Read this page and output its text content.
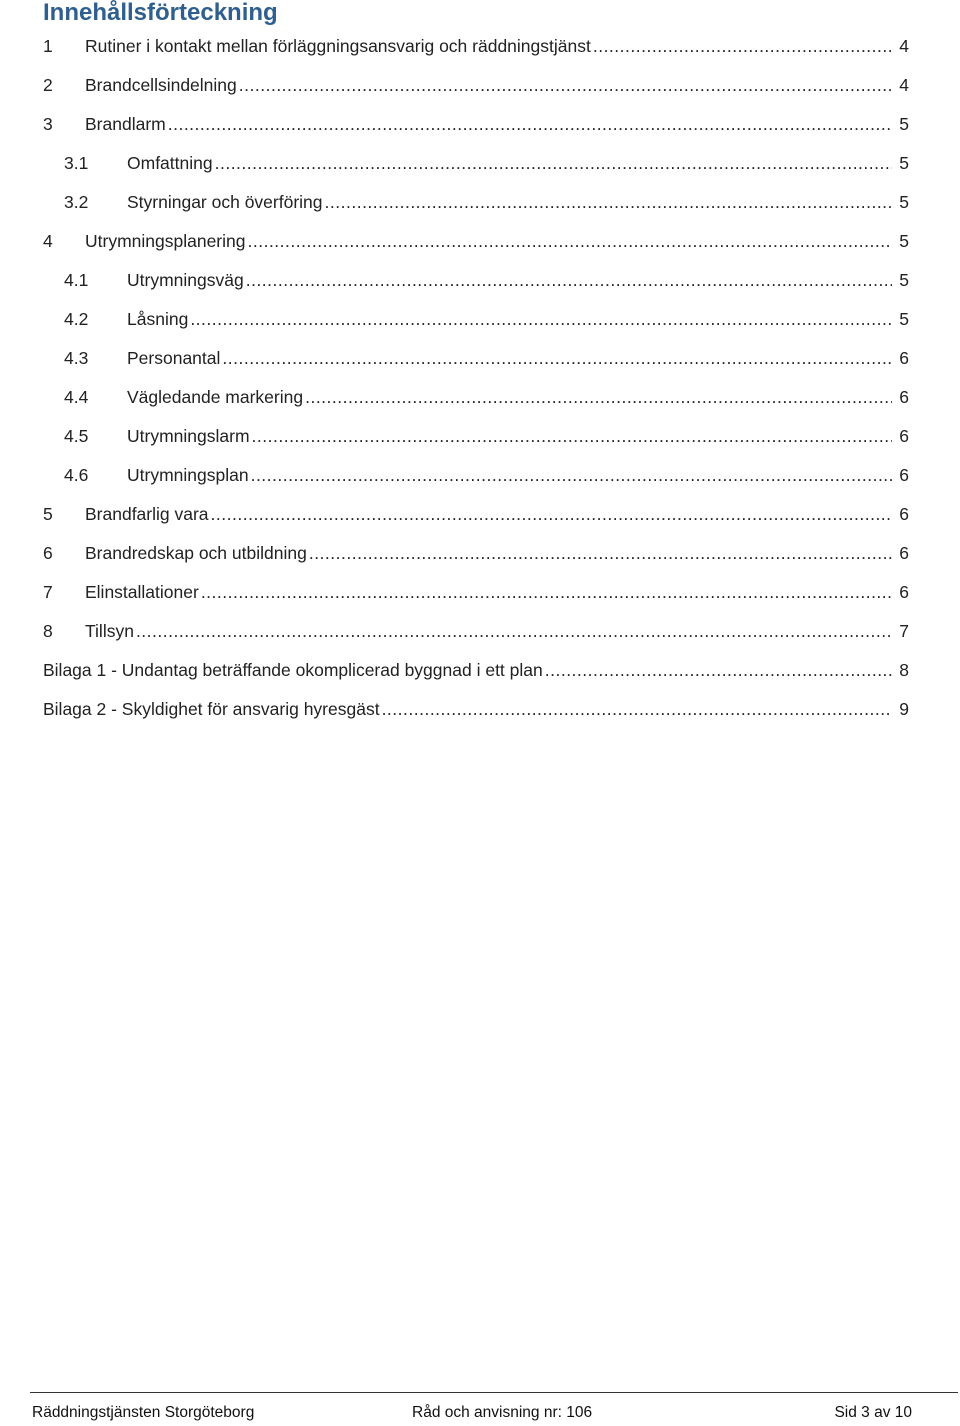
Innehållsförteckning
1	Rutiner i kontakt mellan förläggningsansvarig och räddningstjänst .....	4
2	Brandcellsindelning .....	4
3	Brandlarm .....	5
3.1	Omfattning .....	5
3.2	Styrningar och överföring .....	5
4	Utrymningsplanering .....	5
4.1	Utrymningsväg .....	5
4.2	Låsning .....	5
4.3	Personantal .....	6
4.4	Vägledande markering .....	6
4.5	Utrymningslarm .....	6
4.6	Utrymningsplan .....	6
5	Brandfarlig vara .....	6
6	Brandredskap och utbildning .....	6
7	Elinstallationer .....	6
8	Tillsyn .....	7
Bilaga 1 - Undantag beträffande okomplicerad byggnad i ett plan .....	8
Bilaga 2 - Skyldighet för ansvarig hyresgäst .....	9
Räddningstjänsten Storgöteborg	Råd och anvisning nr: 106	Sid 3 av 10
